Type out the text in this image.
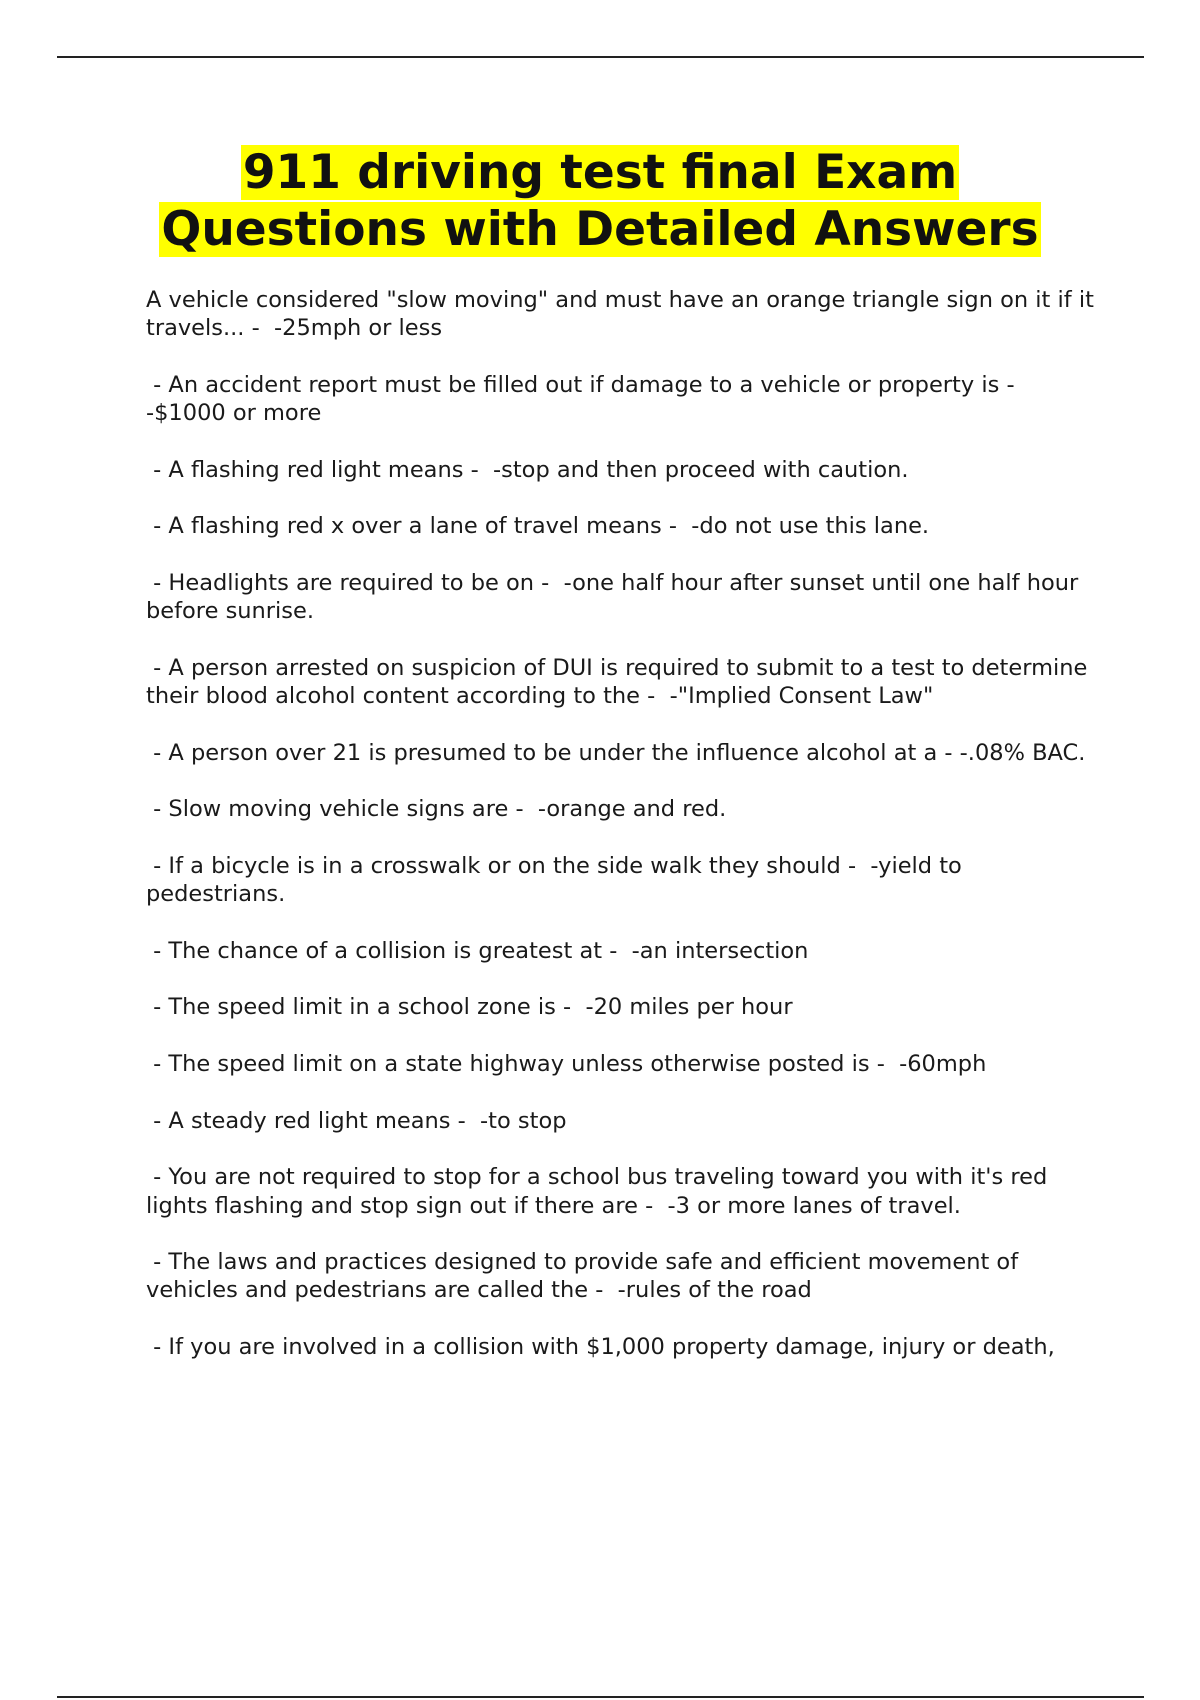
911 driving test final Exam
Questions with Detailed Answers

A vehicle considered "slow moving" and must have an orange triangle sign on it if it travels... -  -25mph or less

- An accident report must be filled out if damage to a vehicle or property is - -$1000 or more

- A flashing red light means -  -stop and then proceed with caution.

- A flashing red x over a lane of travel means -  -do not use this lane.

- Headlights are required to be on -  -one half hour after sunset until one half hour before sunrise.

- A person arrested on suspicion of DUI is required to submit to a test to determine their blood alcohol content according to the -  -"Implied Consent Law"

- A person over 21 is presumed to be under the influence alcohol at a - -.08% BAC.

- Slow moving vehicle signs are -  -orange and red.

- If a bicycle is in a crosswalk or on the side walk they should -  -yield to pedestrians.

- The chance of a collision is greatest at -  -an intersection

- The speed limit in a school zone is -  -20 miles per hour

- The speed limit on a state highway unless otherwise posted is -  -60mph

- A steady red light means -  -to stop

- You are not required to stop for a school bus traveling toward you with it's red lights flashing and stop sign out if there are -  -3 or more lanes of travel.

- The laws and practices designed to provide safe and efficient movement of vehicles and pedestrians are called the -  -rules of the road

- If you are involved in a collision with $1,000 property damage, injury or death,
